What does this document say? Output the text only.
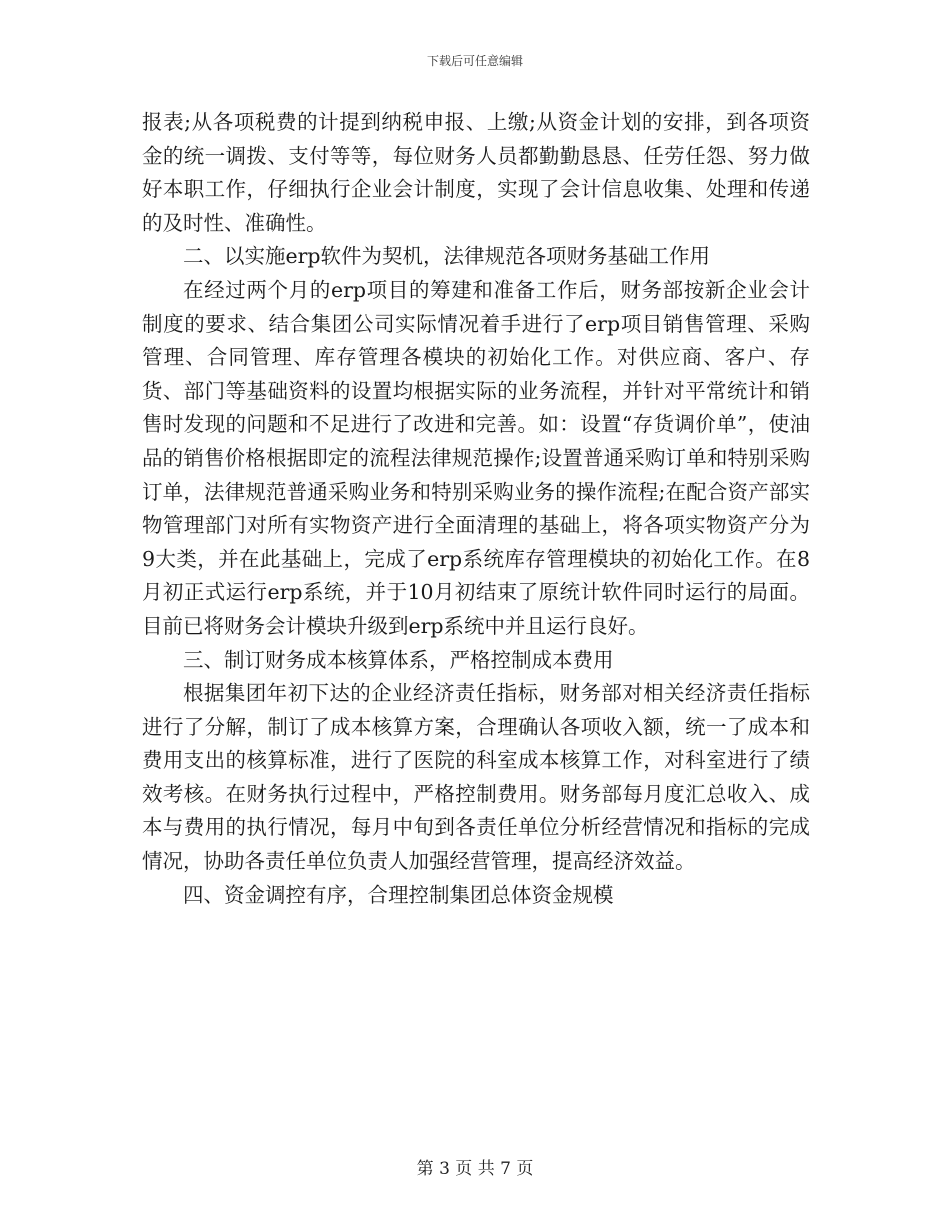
下载后可任意编辑

报表;从各项税费的计提到纳税申报、上缴;从资金计划的安排，到各项资金的统一调拨、支付等等，每位财务人员都勤勤恳恳、任劳任怨、努力做好本职工作，仔细执行企业会计制度，实现了会计信息收集、处理和传递的及时性、准确性。

二、以实施erp软件为契机，法律规范各项财务基础工作用

在经过两个月的erp项目的筹建和准备工作后，财务部按新企业会计制度的要求、结合集团公司实际情况着手进行了erp项目销售管理、采购管理、合同管理、库存管理各模块的初始化工作。对供应商、客户、存货、部门等基础资料的设置均根据实际的业务流程，并针对平常统计和销售时发现的问题和不足进行了改进和完善。如：设置“存货调价单”，使油品的销售价格根据即定的流程法律规范操作;设置普通采购订单和特别采购订单，法律规范普通采购业务和特别采购业务的操作流程;在配合资产部实物管理部门对所有实物资产进行全面清理的基础上，将各项实物资产分为9大类，并在此基础上，完成了erp系统库存管理模块的初始化工作。在8月初正式运行erp系统，并于10月初结束了原统计软件同时运行的局面。目前已将财务会计模块升级到erp系统中并且运行良好。

三、制订财务成本核算体系，严格控制成本费用

根据集团年初下达的企业经济责任指标，财务部对相关经济责任指标进行了分解，制订了成本核算方案，合理确认各项收入额，统一了成本和费用支出的核算标准，进行了医院的科室成本核算工作，对科室进行了绩效考核。在财务执行过程中，严格控制费用。财务部每月度汇总收入、成本与费用的执行情况，每月中旬到各责任单位分析经营情况和指标的完成情况，协助各责任单位负责人加强经营管理，提高经济效益。

四、资金调控有序，合理控制集团总体资金规模

第 3 页 共 7 页
